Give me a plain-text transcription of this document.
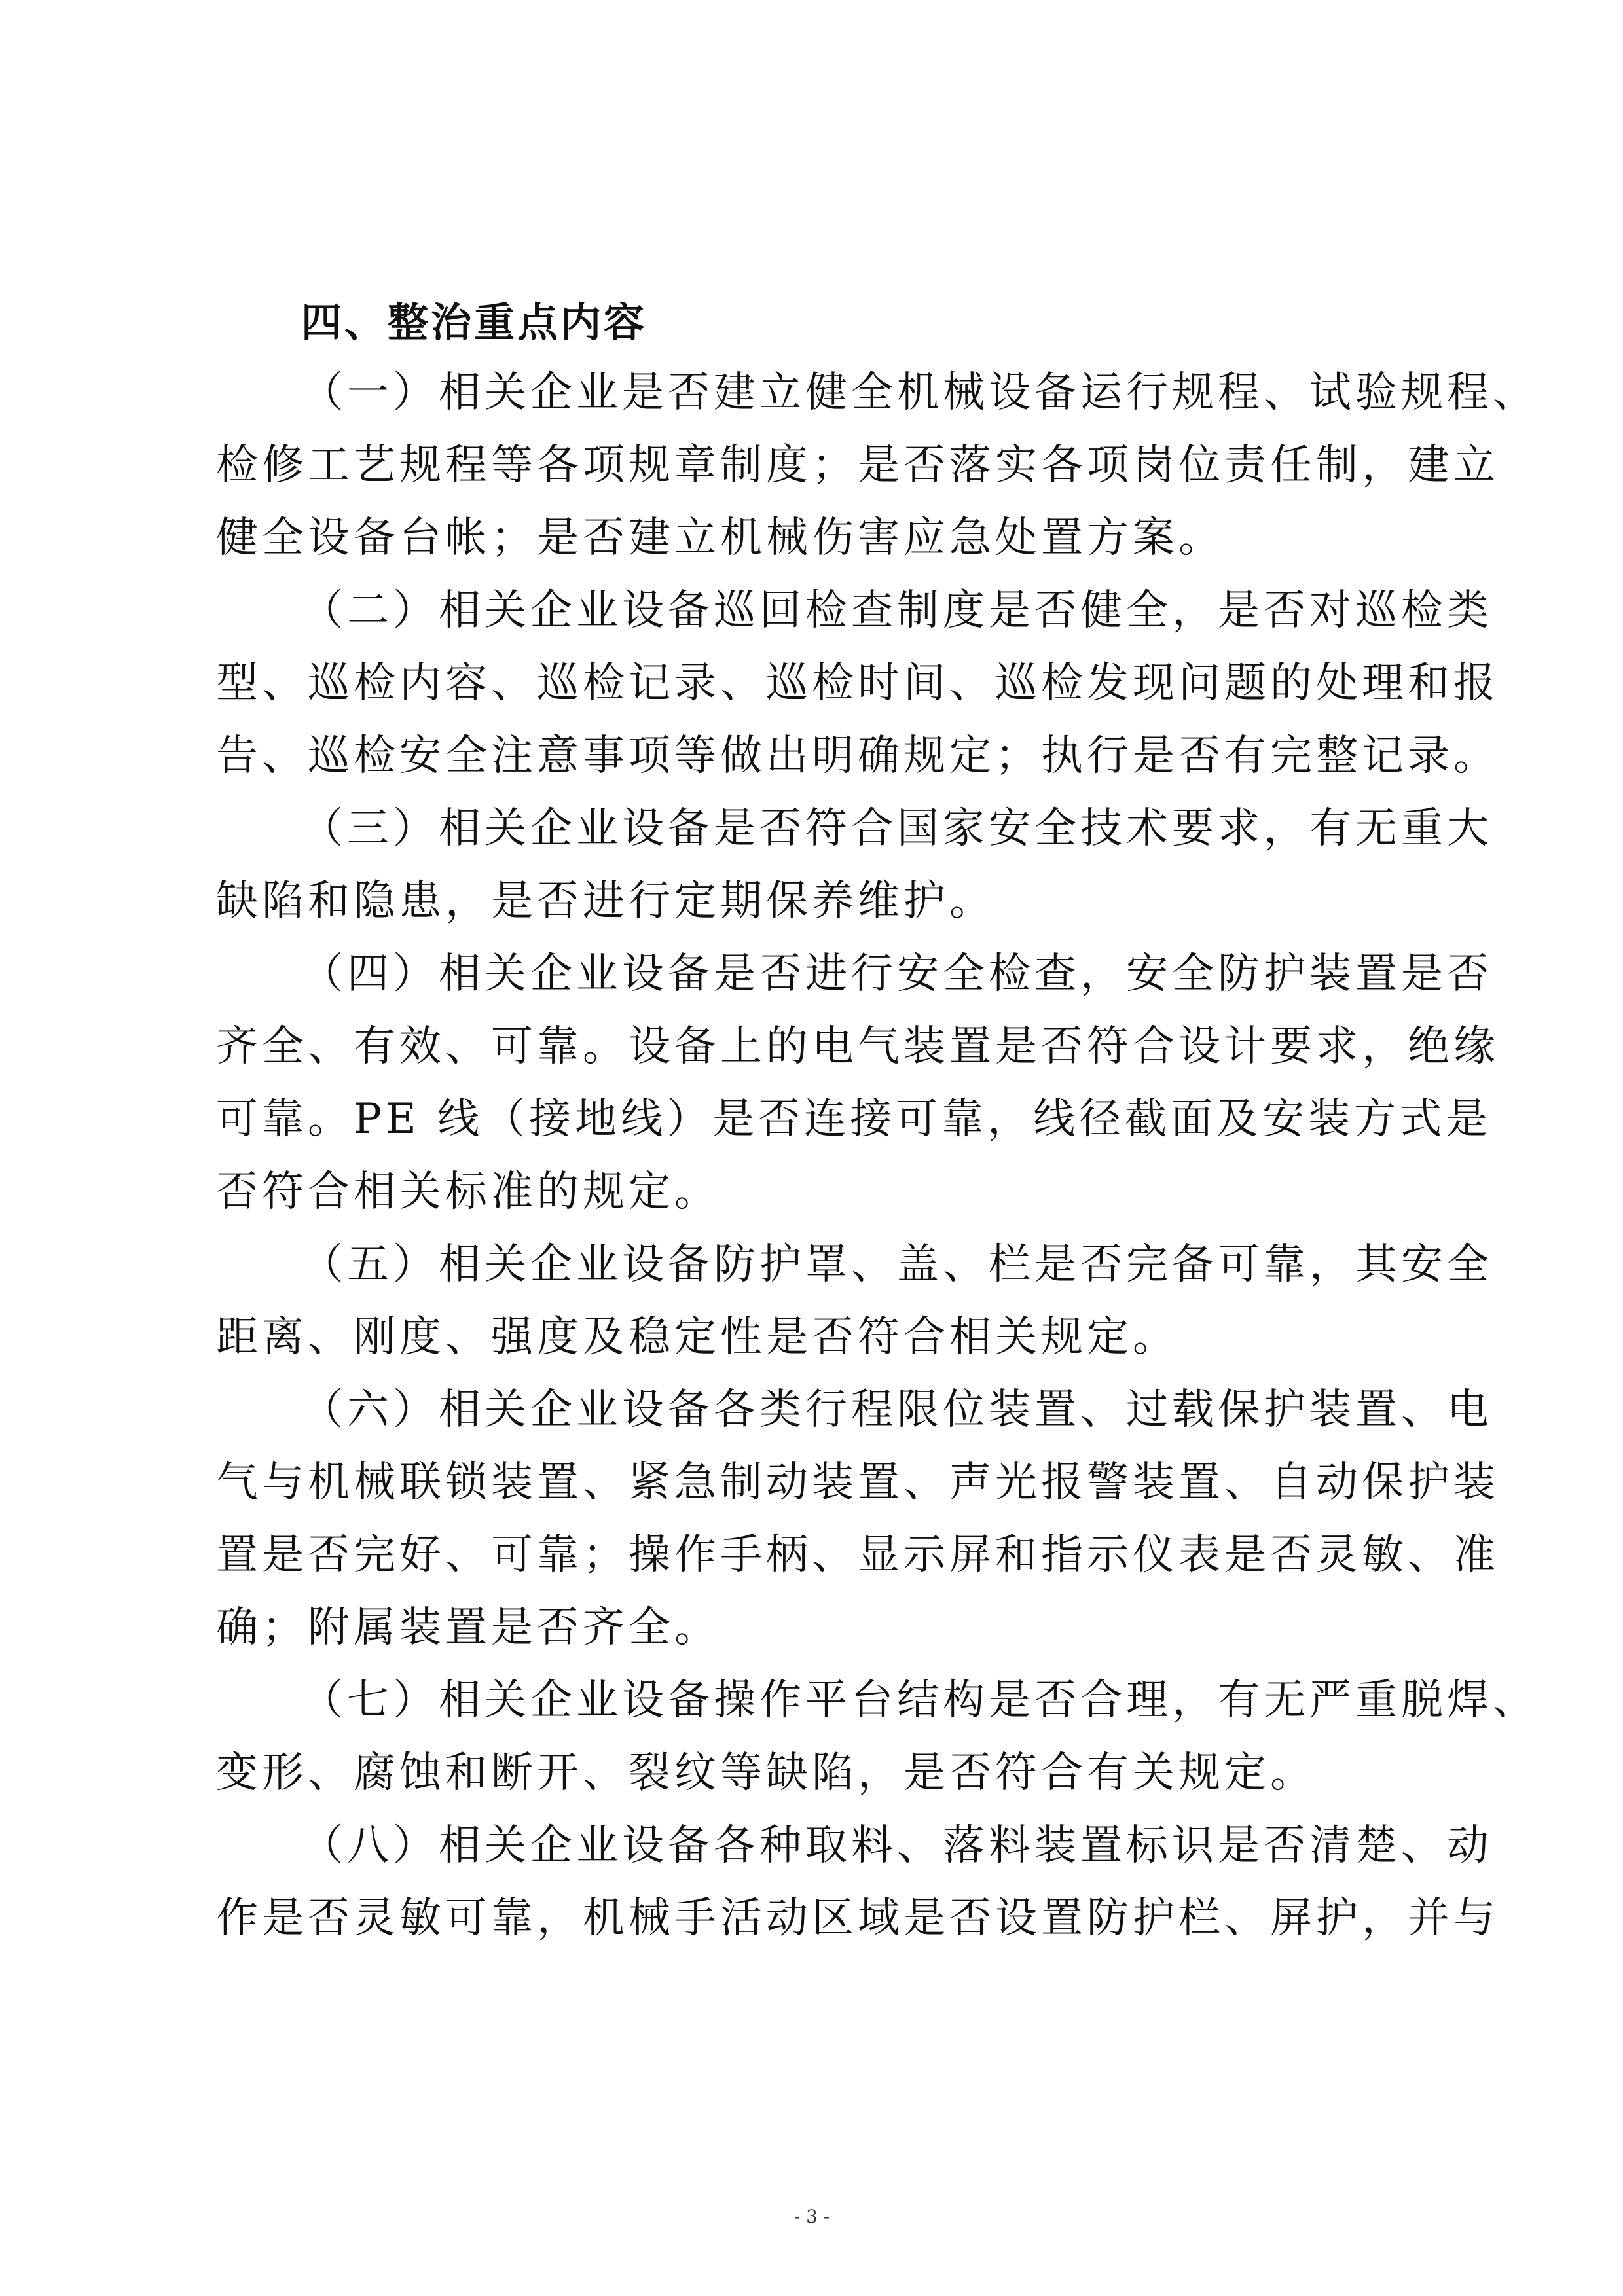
四、整治重点内容
（一）相关企业是否建立健全机械设备运行规程、试验规程、
检修工艺规程等各项规章制度；是否落实各项岗位责任制，建立
健全设备台帐；是否建立机械伤害应急处置方案。
（二）相关企业设备巡回检查制度是否健全，是否对巡检类
型、巡检内容、巡检记录、巡检时间、巡检发现问题的处理和报
告、巡检安全注意事项等做出明确规定；执行是否有完整记录。
（三）相关企业设备是否符合国家安全技术要求，有无重大
缺陷和隐患，是否进行定期保养维护。
（四）相关企业设备是否进行安全检查，安全防护装置是否
齐全、有效、可靠。设备上的电气装置是否符合设计要求，绝缘
可靠。PE 线（接地线）是否连接可靠，线径截面及安装方式是
否符合相关标准的规定。
（五）相关企业设备防护罩、盖、栏是否完备可靠，其安全
距离、刚度、强度及稳定性是否符合相关规定。
（六）相关企业设备各类行程限位装置、过载保护装置、电
气与机械联锁装置、紧急制动装置、声光报警装置、自动保护装
置是否完好、可靠；操作手柄、显示屏和指示仪表是否灵敏、准
确；附属装置是否齐全。
（七）相关企业设备操作平台结构是否合理，有无严重脱焊、
变形、腐蚀和断开、裂纹等缺陷，是否符合有关规定。
（八）相关企业设备各种取料、落料装置标识是否清楚、动
作是否灵敏可靠，机械手活动区域是否设置防护栏、屏护，并与
- 3 -
